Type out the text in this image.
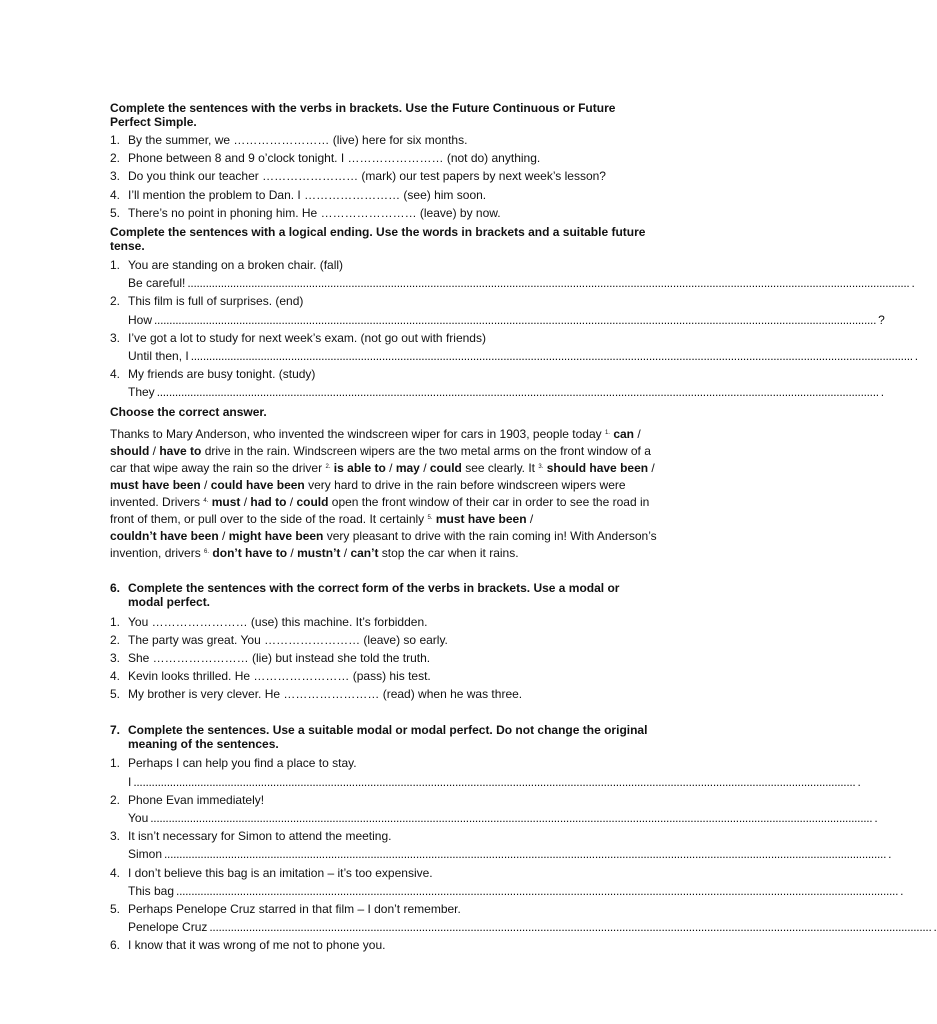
Complete the sentences with the verbs in brackets. Use the Future Continuous or Future Perfect Simple.

1. By the summer, we …………………… (live) here for six months.
2. Phone between 8 and 9 o’clock tonight. I …………………… (not do) anything.
3. Do you think our teacher …………………… (mark) our test papers by next week’s lesson?
4. I’ll mention the problem to Dan. I …………………… (see) him soon.
5. There’s no point in phoning him. He …………………… (leave) by now.

Complete the sentences with a logical ending. Use the words in brackets and a suitable future tense.

1. You are standing on a broken chair. (fall)
Be careful! .............................................................................................................................................................................................................................................. .
2. This film is full of surprises. (end)
How .............................................................................................................................................................................................................................................. ?
3. I’ve got a lot to study for next week’s exam. (not go out with friends)
Until then, I .............................................................................................................................................................................................................................................. .
4. My friends are busy tonight. (study)
They .............................................................................................................................................................................................................................................. .

Choose the correct answer.

Thanks to Mary Anderson, who invented the windscreen wiper for cars in 1903, people today $^{1.}$ can / should / have to drive in the rain. Windscreen wipers are the two metal arms on the front window of a car that wipe away the rain so the driver $^{2.}$ is able to / may / could see clearly. It $^{3.}$ should have been / must have been / could have been very hard to drive in the rain before windscreen wipers were invented. Drivers $^{4.}$ must / had to / could open the front window of their car in order to see the road in front of them, or pull over to the side of the road. It certainly $^{5.}$ must have been /
couldn’t have been / might have been very pleasant to drive with the rain coming in! With Anderson’s invention, drivers $^{6.}$ don’t have to / mustn’t / can’t stop the car when it rains.
6. Complete the sentences with the correct form of the verbs in brackets. Use a modal or modal perfect.
1. You …………………… (use) this machine. It’s forbidden.
2. The party was great. You …………………… (leave) so early.
3. She …………………… (lie) but instead she told the truth.
4. Kevin looks thrilled. He …………………… (pass) his test.
5. My brother is very clever. He …………………… (read) when he was three.
7. Complete the sentences. Use a suitable modal or modal perfect. Do not change the original meaning of the sentences.
1. Perhaps I can help you find a place to stay.
I .............................................................................................................................................................................................................................................. .
2. Phone Evan immediately!
You .............................................................................................................................................................................................................................................. .
3. It isn’t necessary for Simon to attend the meeting.
Simon .............................................................................................................................................................................................................................................. .
4. I don’t believe this bag is an imitation – it’s too expensive.
This bag .............................................................................................................................................................................................................................................. .
5. Perhaps Penelope Cruz starred in that film – I don’t remember.
Penelope Cruz .............................................................................................................................................................................................................................................. .
6. I know that it was wrong of me not to phone you.
